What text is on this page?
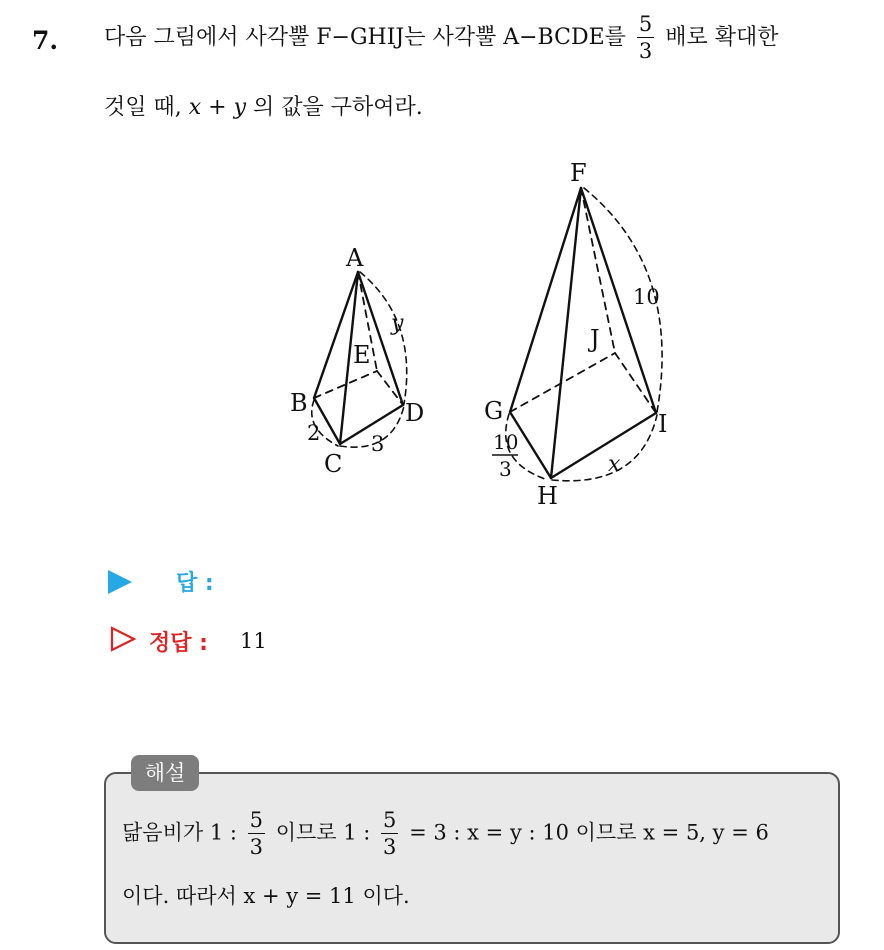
7. 다음 그림에서 사각뿔 F−GHIJ는 사각뿔 A−BCDE를 $\frac{5}{3}$ 배로 확대한
것일 때, x + y 의 값을 구하여라.
A
B
C
D
E
2 3
y
F
G
H
I
J
10
10
3	x
답 :
정답 : 11
해설
닮음비가 1 : $\frac{5}{3}$ 이므로 1 : $\frac{5}{3} = 3$ : x = y : 10 이므로 x = 5, y = 6
이다. 따라서 x + y = 11 이다.
